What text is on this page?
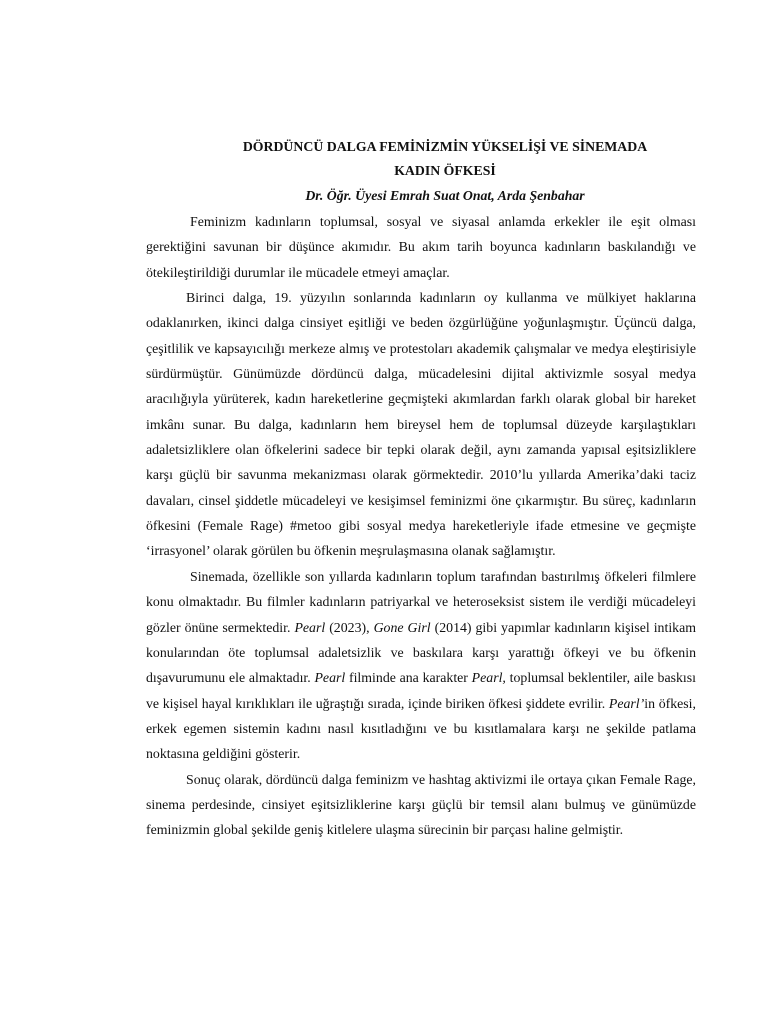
DÖRDÜNCÜ DALGA FEMİNİZMİN YÜKSELİŞİ VE SİNEMADA
KADIN ÖFKESİ

Dr. Öğr. Üyesi Emrah Suat Onat, Arda Şenbahar

Feminizm kadınların toplumsal, sosyal ve siyasal anlamda erkekler ile eşit olması gerektiğini savunan bir düşünce akımıdır. Bu akım tarih boyunca kadınların baskılandığı ve ötekileştirildiği durumlar ile mücadele etmeyi amaçlar.

Birinci dalga, 19. yüzyılın sonlarında kadınların oy kullanma ve mülkiyet haklarına odaklanırken, ikinci dalga cinsiyet eşitliği ve beden özgürlüğüne yoğunlaşmıştır. Üçüncü dalga, çeşitlilik ve kapsayıcılığı merkeze almış ve protestoları akademik çalışmalar ve medya eleştirisiyle sürdürmüştür. Günümüzde dördüncü dalga, mücadelesini dijital aktivizmle sosyal medya aracılığıyla yürüterek, kadın hareketlerine geçmişteki akımlardan farklı olarak global bir hareket imkânı sunar. Bu dalga, kadınların hem bireysel hem de toplumsal düzeyde karşılaştıkları adaletsizliklere olan öfkelerini sadece bir tepki olarak değil, aynı zamanda yapısal eşitsizliklere karşı güçlü bir savunma mekanizması olarak görmektedir. 2010’lu yıllarda Amerika’daki taciz davaları, cinsel şiddetle mücadeleyi ve kesişimsel feminizmi öne çıkarmıştır. Bu süreç, kadınların öfkesini (Female Rage) #metoo gibi sosyal medya hareketleriyle ifade etmesine ve geçmişte ‘irrasyonel’ olarak görülen bu öfkenin meşrulaşmasına olanak sağlamıştır.

Sinemada, özellikle son yıllarda kadınların toplum tarafından bastırılmış öfkeleri filmlere konu olmaktadır. Bu filmler kadınların patriyarkal ve heteroseksist sistem ile verdiği mücadeleyi gözler önüne sermektedir. Pearl (2023), Gone Girl (2014) gibi yapımlar kadınların kişisel intikam konularından öte toplumsal adaletsizlik ve baskılara karşı yarattığı öfkeyi ve bu öfkenin dışavurumunu ele almaktadır. Pearl filminde ana karakter Pearl, toplumsal beklentiler, aile baskısı ve kişisel hayal kırıklıkları ile uğraştığı sırada, içinde biriken öfkesi şiddete evrilir. Pearl’in öfkesi, erkek egemen sistemin kadını nasıl kısıtladığını ve bu kısıtlamalara karşı ne şekilde patlama noktasına geldiğini gösterir.

Sonuç olarak, dördüncü dalga feminizm ve hashtag aktivizmi ile ortaya çıkan Female Rage, sinema perdesinde, cinsiyet eşitsizliklerine karşı güçlü bir temsil alanı bulmuş ve günümüzde feminizmin global şekilde geniş kitlelere ulaşma sürecinin bir parçası haline gelmiştir.
